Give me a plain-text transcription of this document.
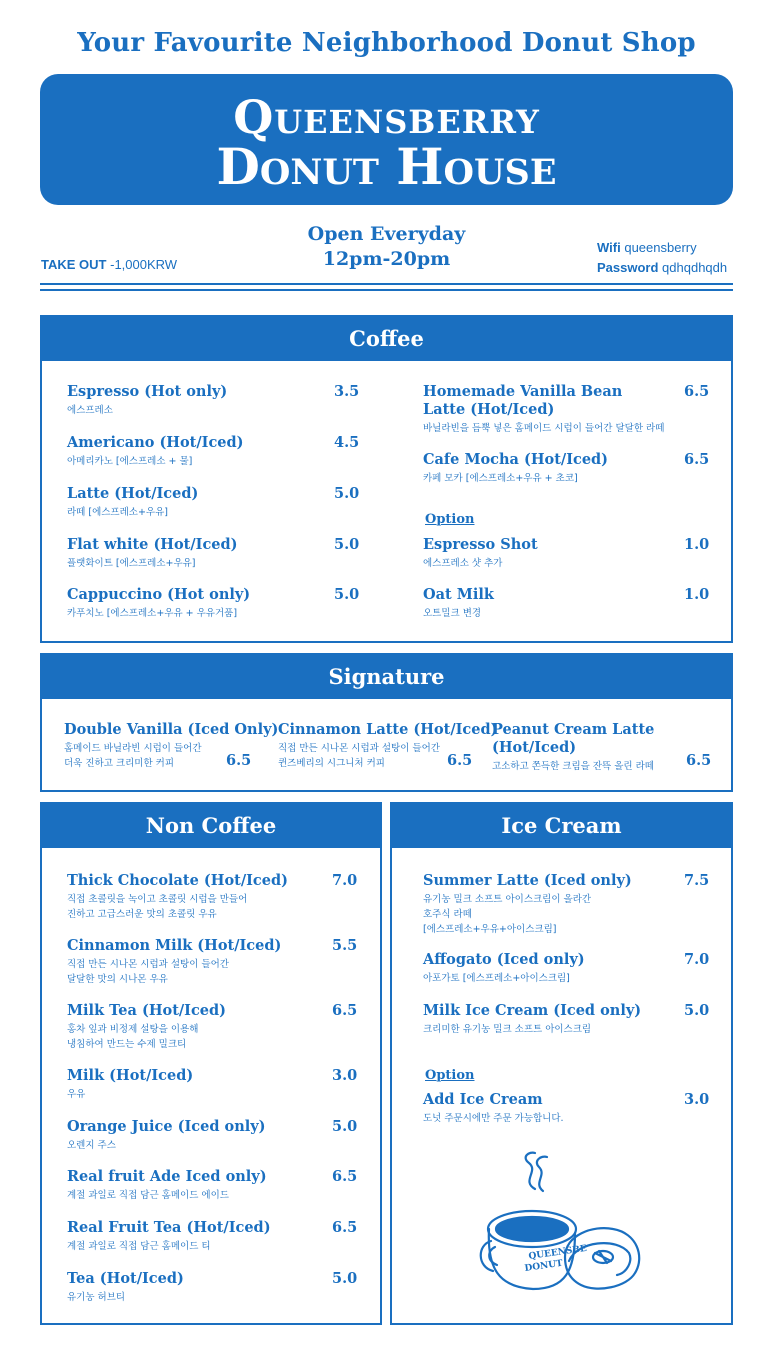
Your Favourite Neighborhood Donut Shop
Queensberry
Donut House
TAKE OUT -1,000KRW
Open Everyday
12pm-20pm
Wifi queensberry
Password qdhqdhqdh
Coffee
Espresso (Hot only)
에스프레소
3.5
Americano (Hot/Iced)
아메리카노 [에스프레소 + 물]
4.5
Latte (Hot/Iced)
라떼 [에스프레소+우유]
5.0
Flat white (Hot/Iced)
플랫화이트 [에스프레소+우유]
5.0
Cappuccino (Hot only)
카푸치노 [에스프레소+우유 + 우유거품]
5.0
Homemade Vanilla Bean Latte (Hot/Iced)
바닐라빈을 듬뿍 넣은 홈메이드 시럽이 들어간 달달한 라떼
6.5
Cafe Mocha (Hot/Iced)
카페 모카 [에스프레소+우유 + 초코]
6.5
Option
Espresso Shot
에스프레소 샷 추가
1.0
Oat Milk
오트밀크 변경
1.0
Signature
Double Vanilla (Iced Only)
홈메이드 바닐라빈 시럽이 들어간
더욱 진하고 크리미한 커피	6.5
Cinnamon Latte (Hot/Iced)
직접 만든 시나몬 시럽과 설탕이 들어간
퀸즈베리의 시그니처 커피	6.5
Peanut Cream Latte (Hot/Iced)
고소하고 쫀득한 크림을 잔뜩 올린 라떼	6.5
Non Coffee
Thick Chocolate (Hot/Iced)
직접 초콜릿을 녹이고 초콜릿 시럽을 만들어
진하고 고급스러운 맛의 초콜릿 우유
7.0
Cinnamon Milk (Hot/Iced)
직접 만든 시나몬 시럽과 설탕이 들어간
달달한 맛의 시나몬 우유
5.5
Milk Tea (Hot/Iced)
홍차 잎과 비정제 설탕을 이용해
냉침하여 만드는 수제 밀크티
6.5
Milk (Hot/Iced)
우유
3.0
Orange Juice (Iced only)
오렌지 주스
5.0
Real fruit Ade Iced only)
계절 과일로 직접 담근 홈메이드 에이드
6.5
Real Fruit Tea (Hot/Iced)
계절 과일로 직접 담근 홈메이드 티
6.5
Tea (Hot/Iced)
유기농 허브티
5.0
Ice Cream
Summer Latte (Iced only)
유기농 밀크 소프트 아이스크림이 올라간
호주식 라떼
[에스프레소+우유+아이스크림]
7.5
Affogato (Iced only)
아포가토 [에스프레소+아이스크림]
7.0
Milk Ice Cream (Iced only)
크리미한 유기농 밀크 소프트 아이스크림
5.0
Option
Add Ice Cream
도넛 주문시에만 주문 가능합니다.
3.0
QUEENSBE
DONUT
